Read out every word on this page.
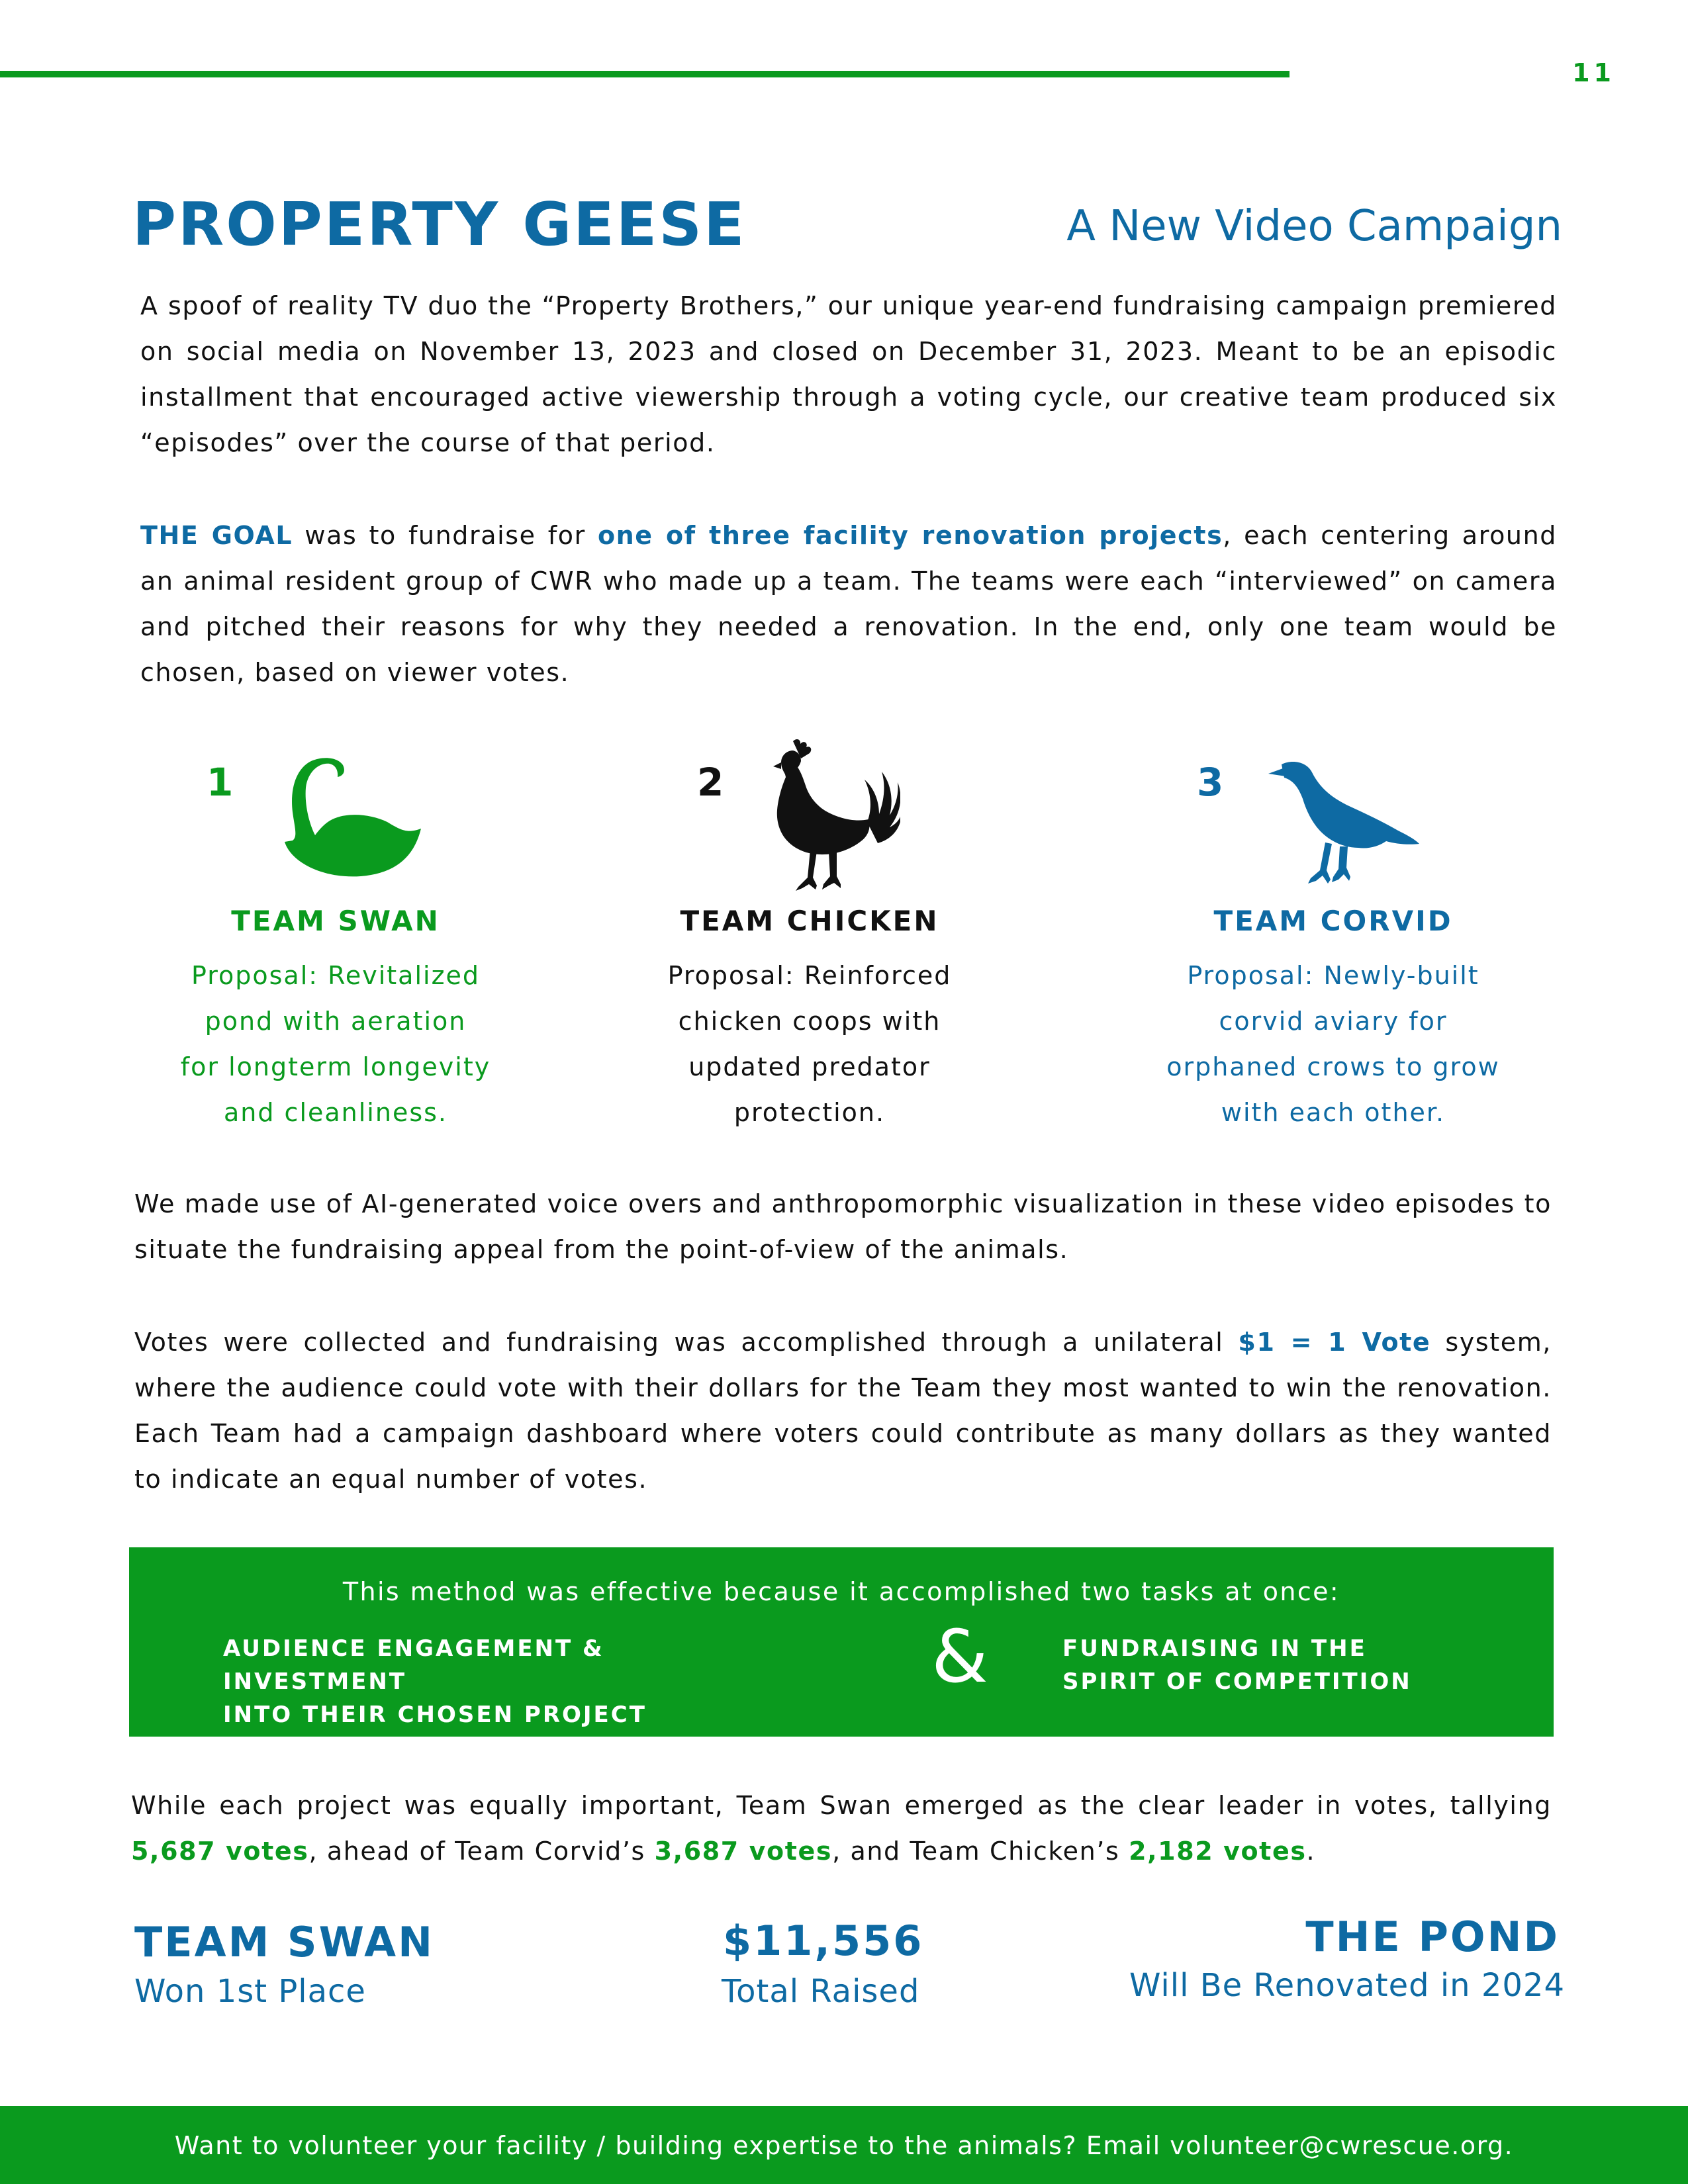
11
PROPERTY GEESE	A New Video Campaign

A spoof of reality TV duo the “Property Brothers,” our unique year-end fundraising campaign premiered on social media on November 13, 2023 and closed on December 31, 2023. Meant to be an episodic installment that encouraged active viewership through a voting cycle, our creative team produced six “episodes” over the course of that period.

THE GOAL was to fundraise for one of three facility renovation projects, each centering around an animal resident group of CWR who made up a team. The teams were each “interviewed” on camera and pitched their reasons for why they needed a renovation. In the end, only one team would be chosen, based on viewer votes.

1
TEAM SWAN
Proposal: Revitalized
pond with aeration
for longterm longevity
and cleanliness.
2
TEAM CHICKEN
Proposal: Reinforced
chicken coops with
updated predator
protection.
3
TEAM CORVID
Proposal: Newly-built
corvid aviary for
orphaned crows to grow
with each other.

We made use of AI-generated voice overs and anthropomorphic visualization in these video episodes to situate the fundraising appeal from the point-of-view of the animals.

Votes were collected and fundraising was accomplished through a unilateral $1 = 1 Vote system, where the audience could vote with their dollars for the Team they most wanted to win the renovation. Each Team had a campaign dashboard where voters could contribute as many dollars as they wanted to indicate an equal number of votes.

This method was effective because it accomplished two tasks at once:
AUDIENCE ENGAGEMENT & INVESTMENT
INTO THEIR CHOSEN PROJECT
&	FUNDRAISING IN THE
SPIRIT OF COMPETITION

While each project was equally important, Team Swan emerged as the clear leader in votes, tallying 5,687 votes, ahead of Team Corvid’s 3,687 votes, and Team Chicken’s 2,182 votes.

TEAM SWAN
Won 1st Place
$11,556
Total Raised
THE POND
Will Be Renovated in 2024
Want to volunteer your facility / building expertise to the animals? Email volunteer@cwrescue.org.
